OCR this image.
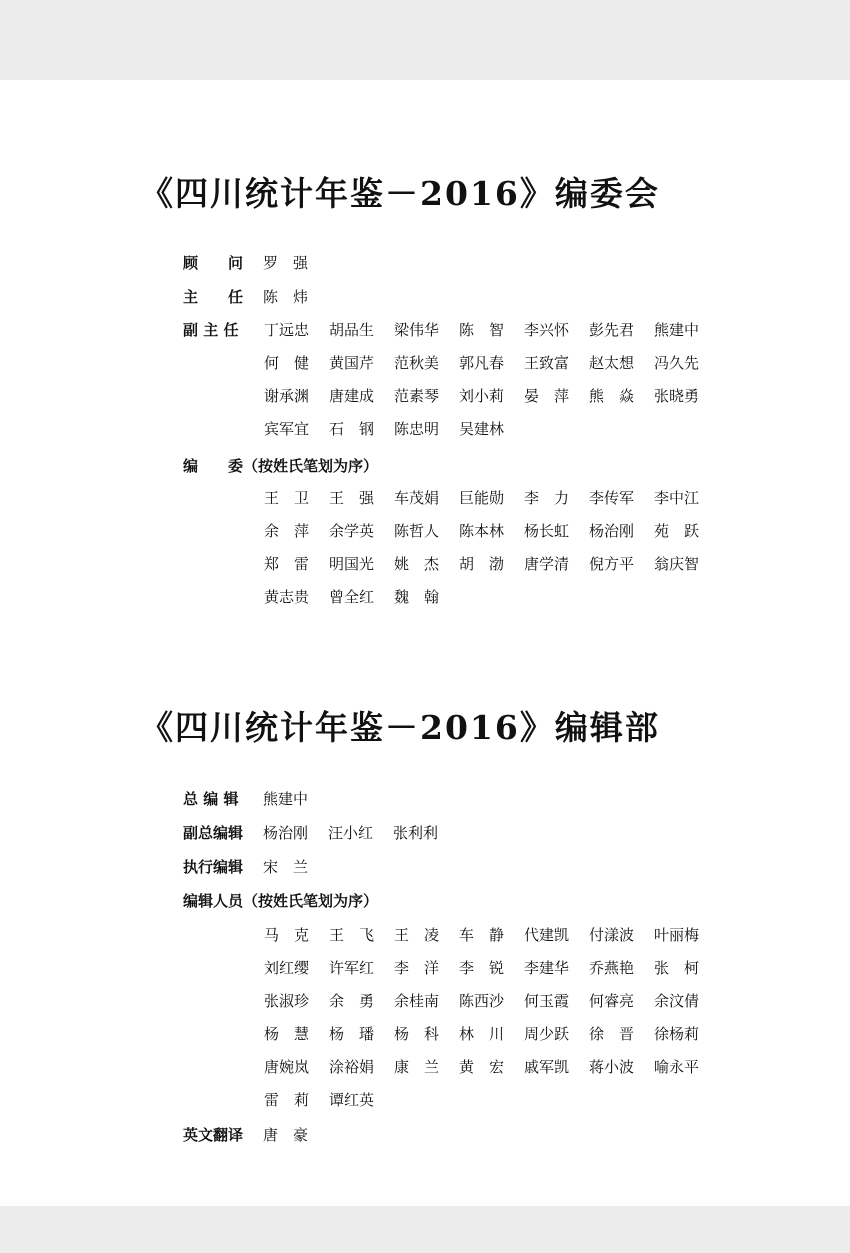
《四川统计年鉴－2016》编委会
顾　　问	罗　强
主　　任	陈　炜
副 主 任	丁远忠	胡品生	梁伟华	陈　智	李兴怀	彭先君	熊建中
何　健	黄国芹	范秋美	郭凡春	王致富	赵太想	冯久先
谢承渊	唐建成	范素琴	刘小莉	晏　萍	熊　焱	张晓勇
宾军宜	石　钢	陈忠明	吴建林
编　　委（按姓氏笔划为序）
王　卫	王　强	车茂娟	巨能勋	李　力	李传军	李中江
余　萍	余学英	陈哲人	陈本林	杨长虹	杨治刚	苑　跃
郑　雷	明国光	姚　杰	胡　渤	唐学清	倪方平	翁庆智
黄志贵	曾全红	魏　翰
《四川统计年鉴－2016》编辑部
总 编 辑	熊建中
副总编辑	杨治刚	汪小红	张利利
执行编辑	宋　兰
编辑人员（按姓氏笔划为序）
马　克	王　飞	王　凌	车　静	代建凯	付漾波	叶丽梅
刘红缨	许军红	李　洋	李　锐	李建华	乔燕艳	张　柯
张淑珍	余　勇	余桂南	陈西沙	何玉霞	何睿亮	余汶倩
杨　慧	杨　璠	杨　科	林　川	周少跃	徐　晋	徐杨莉
唐婉岚	涂裕娟	康　兰	黄　宏	戚军凯	蒋小波	喻永平
雷　莉	谭红英
英文翻译	唐　豪
